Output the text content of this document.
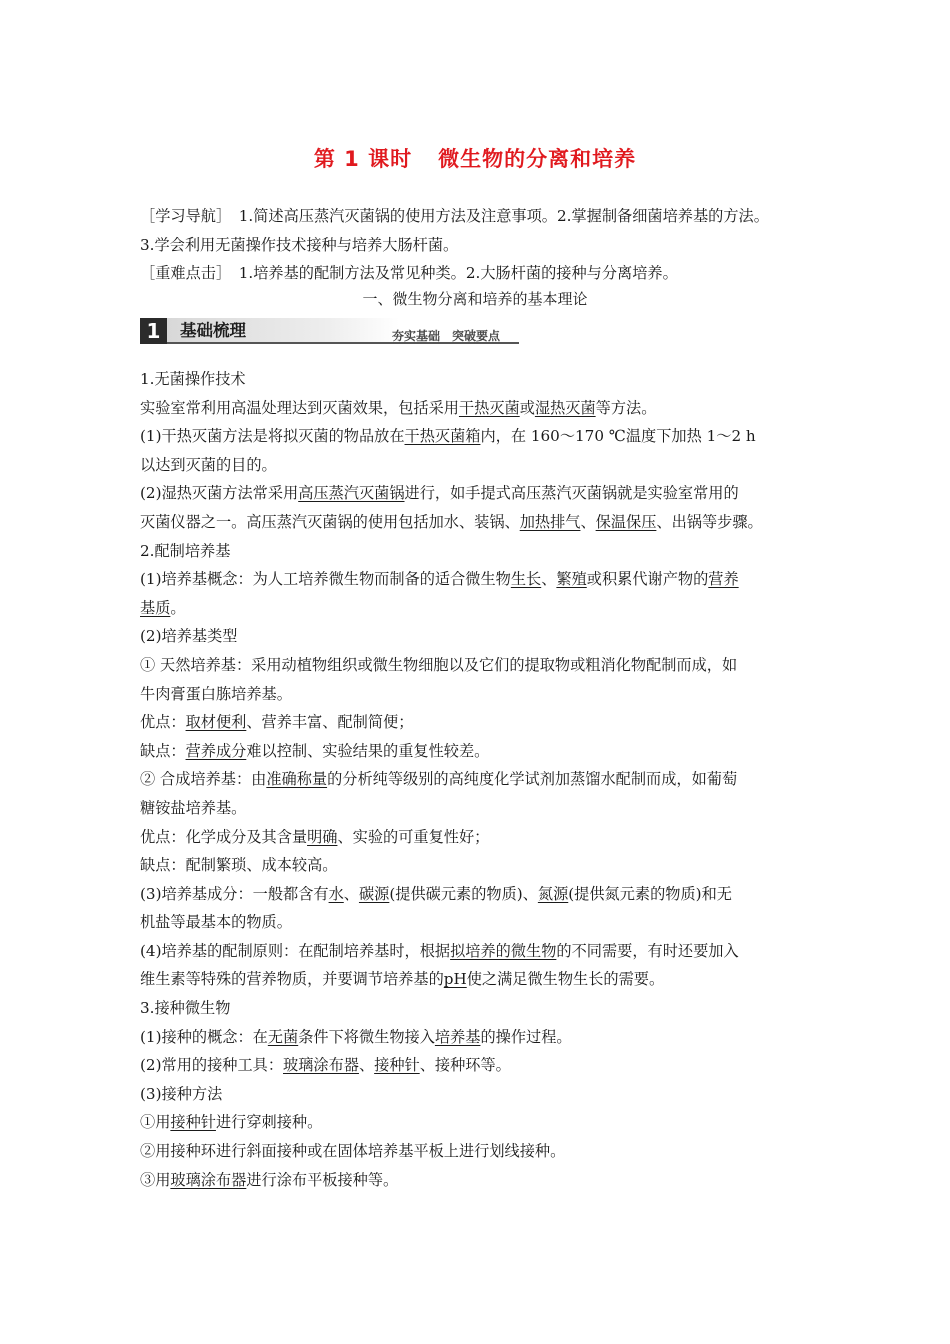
第 1 课时 微生物的分离和培养
［学习导航］　1.简述高压蒸汽灭菌锅的使用方法及注意事项。2.掌握制备细菌培养基的方法。
3.学会利用无菌操作技术接种与培养大肠杆菌。
［重难点击］　1.培养基的配制方法及常见种类。2.大肠杆菌的接种与分离培养。
一、微生物分离和培养的基本理论
1	基础梳理	夯实基础　突破要点
1.无菌操作技术
实验室常利用高温处理达到灭菌效果，包括采用干热灭菌或湿热灭菌等方法。
(1)干热灭菌方法是将拟灭菌的物品放在干热灭菌箱内，在 160～170 ℃温度下加热 1～2 h
以达到灭菌的目的。
(2)湿热灭菌方法常采用高压蒸汽灭菌锅进行，如手提式高压蒸汽灭菌锅就是实验室常用的
灭菌仪器之一。高压蒸汽灭菌锅的使用包括加水、装锅、加热排气、保温保压、出锅等步骤。
2.配制培养基
(1)培养基概念：为人工培养微生物而制备的适合微生物生长、繁殖或积累代谢产物的营养
基质。
(2)培养基类型
① 天然培养基：采用动植物组织或微生物细胞以及它们的提取物或粗消化物配制而成，如
牛肉膏蛋白胨培养基。
优点：取材便利、营养丰富、配制简便；
缺点：营养成分难以控制、实验结果的重复性较差。
② 合成培养基：由准确称量的分析纯等级别的高纯度化学试剂加蒸馏水配制而成，如葡萄
糖铵盐培养基。
优点：化学成分及其含量明确、实验的可重复性好；
缺点：配制繁琐、成本较高。
(3)培养基成分：一般都含有水、碳源(提供碳元素的物质)、氮源(提供氮元素的物质)和无
机盐等最基本的物质。
(4)培养基的配制原则：在配制培养基时，根据拟培养的微生物的不同需要，有时还要加入
维生素等特殊的营养物质，并要调节培养基的pH使之满足微生物生长的需要。
3.接种微生物
(1)接种的概念：在无菌条件下将微生物接入培养基的操作过程。
(2)常用的接种工具：玻璃涂布器、接种针、接种环等。
(3)接种方法
①用接种针进行穿刺接种。
②用接种环进行斜面接种或在固体培养基平板上进行划线接种。
③用玻璃涂布器进行涂布平板接种等。
